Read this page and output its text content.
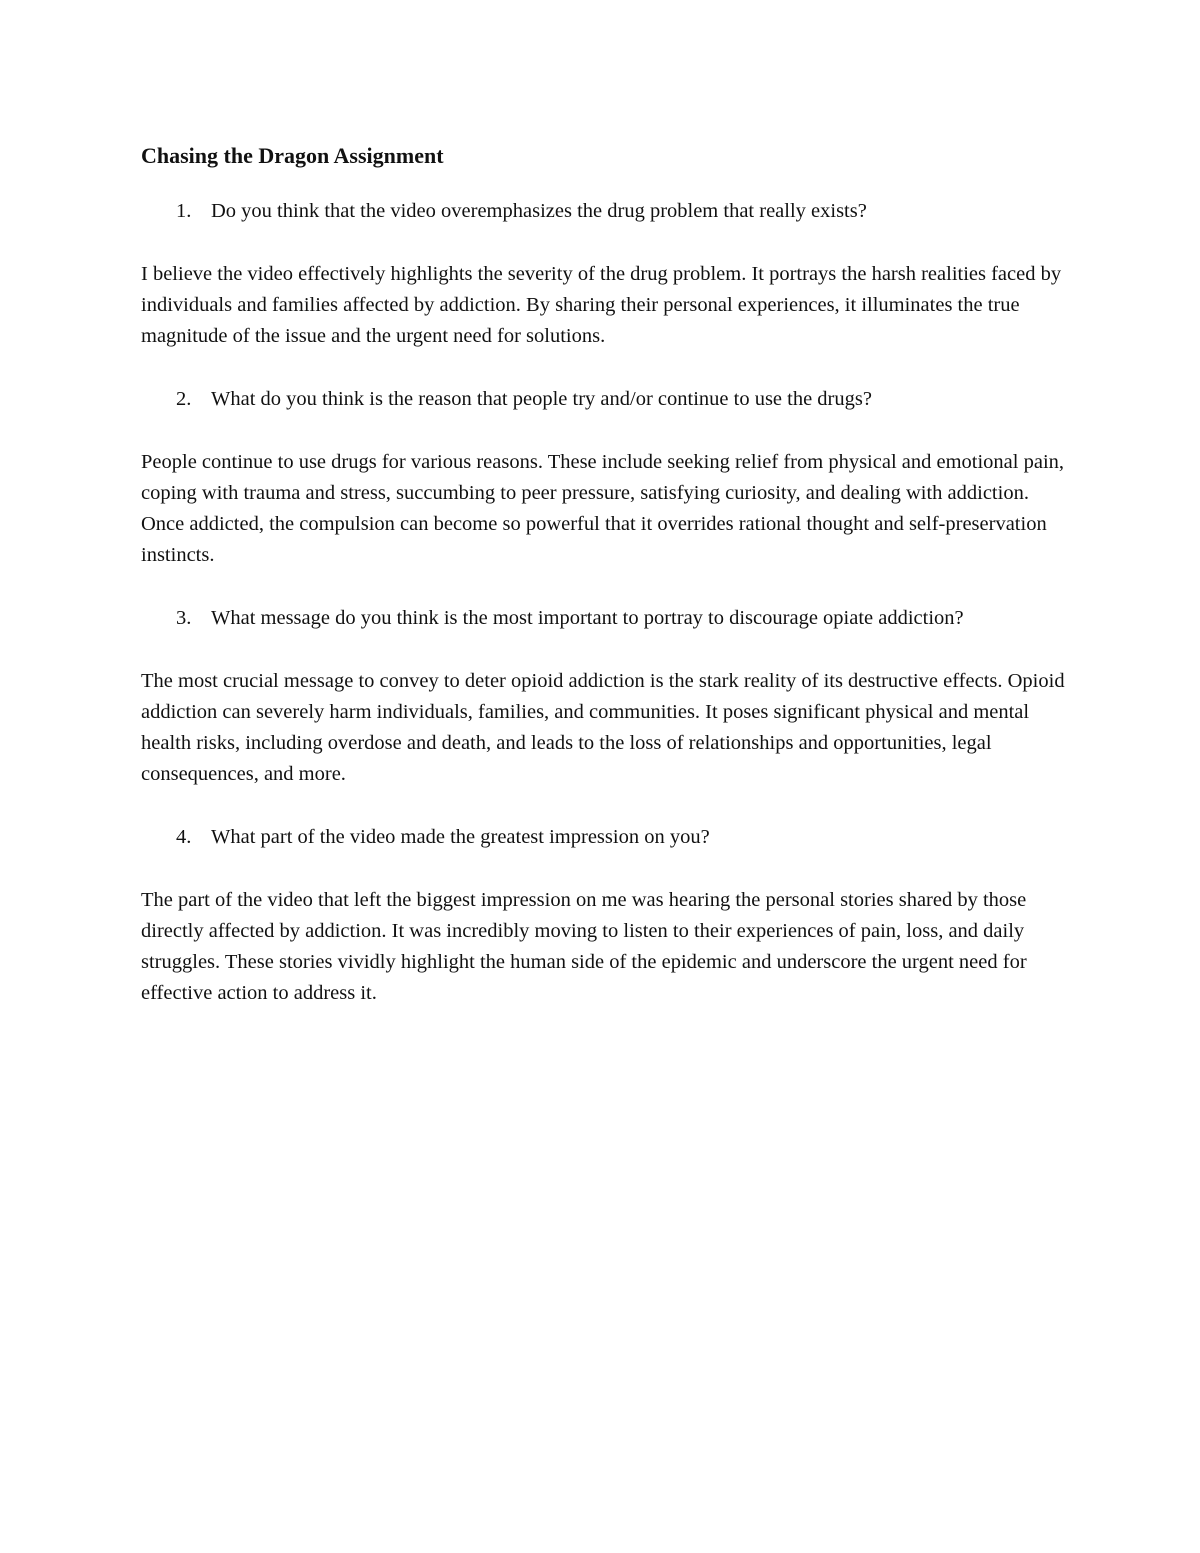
Chasing the Dragon Assignment
1. Do you think that the video overemphasizes the drug problem that really exists?
I believe the video effectively highlights the severity of the drug problem. It portrays the harsh realities faced by individuals and families affected by addiction. By sharing their personal experiences, it illuminates the true magnitude of the issue and the urgent need for solutions.
2. What do you think is the reason that people try and/or continue to use the drugs?
People continue to use drugs for various reasons. These include seeking relief from physical and emotional pain, coping with trauma and stress, succumbing to peer pressure, satisfying curiosity, and dealing with addiction. Once addicted, the compulsion can become so powerful that it overrides rational thought and self-preservation instincts.
3. What message do you think is the most important to portray to discourage opiate addiction?
The most crucial message to convey to deter opioid addiction is the stark reality of its destructive effects. Opioid addiction can severely harm individuals, families, and communities. It poses significant physical and mental health risks, including overdose and death, and leads to the loss of relationships and opportunities, legal consequences, and more.
4. What part of the video made the greatest impression on you?
The part of the video that left the biggest impression on me was hearing the personal stories shared by those directly affected by addiction. It was incredibly moving to listen to their experiences of pain, loss, and daily struggles. These stories vividly highlight the human side of the epidemic and underscore the urgent need for effective action to address it.
